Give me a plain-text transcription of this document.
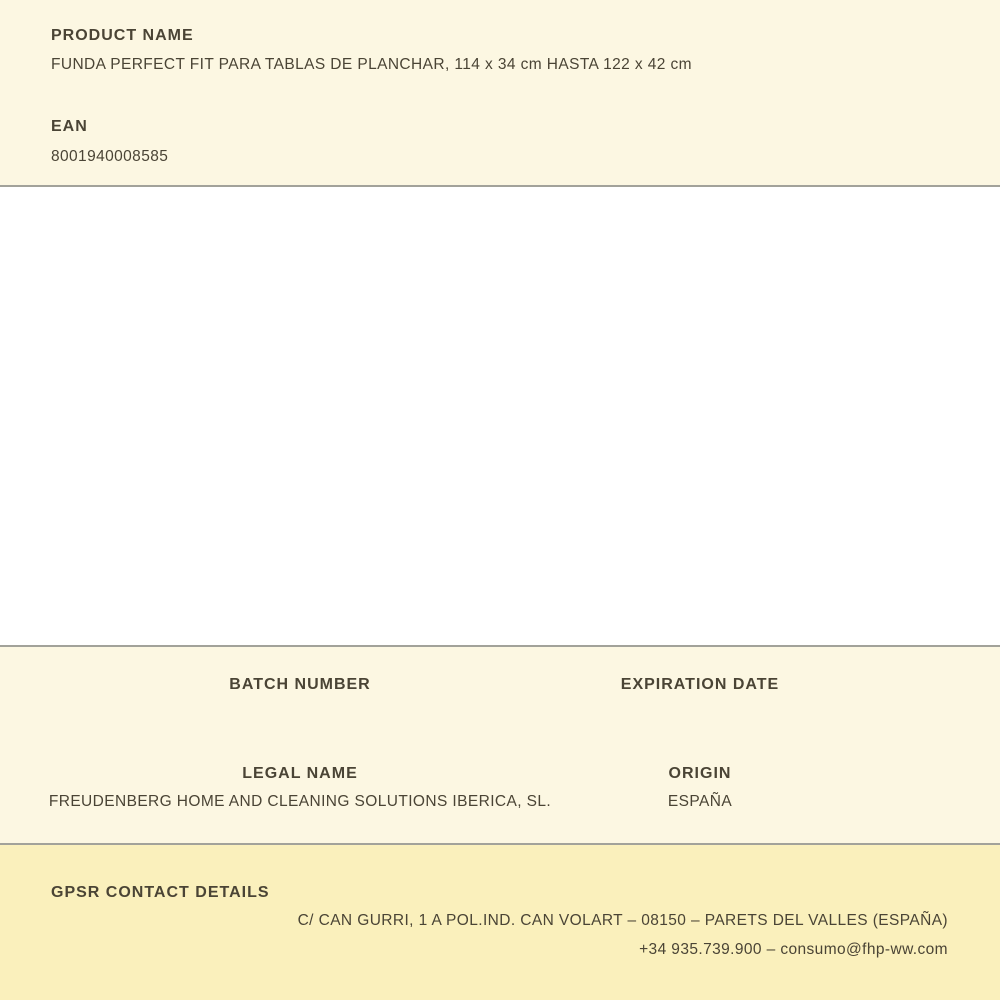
PRODUCT NAME
FUNDA PERFECT FIT PARA TABLAS DE PLANCHAR, 114 x 34 cm HASTA 122 x 42 cm
EAN
8001940008585
BATCH NUMBER	EXPIRATION DATE
LEGAL NAME
FREUDENBERG HOME AND CLEANING SOLUTIONS IBERICA, SL.
ORIGIN
ESPAÑA
GPSR CONTACT DETAILS
C/ CAN GURRI, 1 A POL.IND. CAN VOLART – 08150 – PARETS DEL VALLES (ESPAÑA)
+34 935.739.900 – consumo@fhp-ww.com
